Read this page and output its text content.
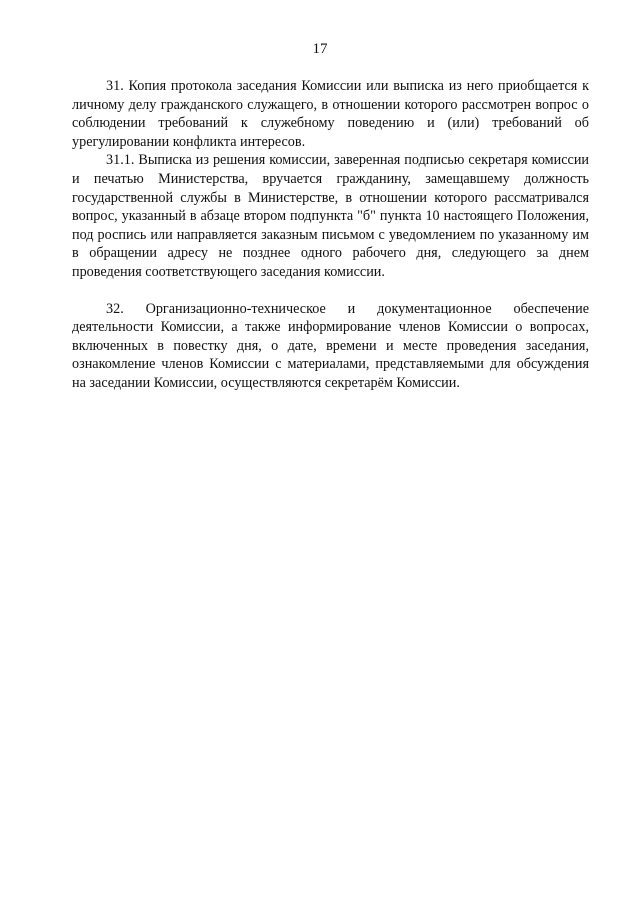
17

31. Копия протокола заседания Комиссии или выписка из него приобщается к личному делу гражданского служащего, в отношении которого рассмотрен вопрос о соблюдении требований к служебному поведению и (или) требований об урегулировании конфликта интересов.

31.1. Выписка из решения комиссии, заверенная подписью секретаря комиссии и печатью Министерства, вручается гражданину, замещавшему должность государственной службы в Министерстве, в отношении которого рассматривался вопрос, указанный в абзаце втором подпункта "б" пункта 10 настоящего Положения, под роспись или направляется заказным письмом с уведомлением по указанному им в обращении адресу не позднее одного рабочего дня, следующего за днем проведения соответствующего заседания комиссии.

32. Организационно-техническое и документационное обеспечение деятельности Комиссии, а также информирование членов Комиссии о вопросах, включенных в повестку дня, о дате, времени и месте проведения заседания, ознакомление членов Комиссии с материалами, представляемыми для обсуждения на заседании Комиссии, осуществляются секретарём Комиссии.
